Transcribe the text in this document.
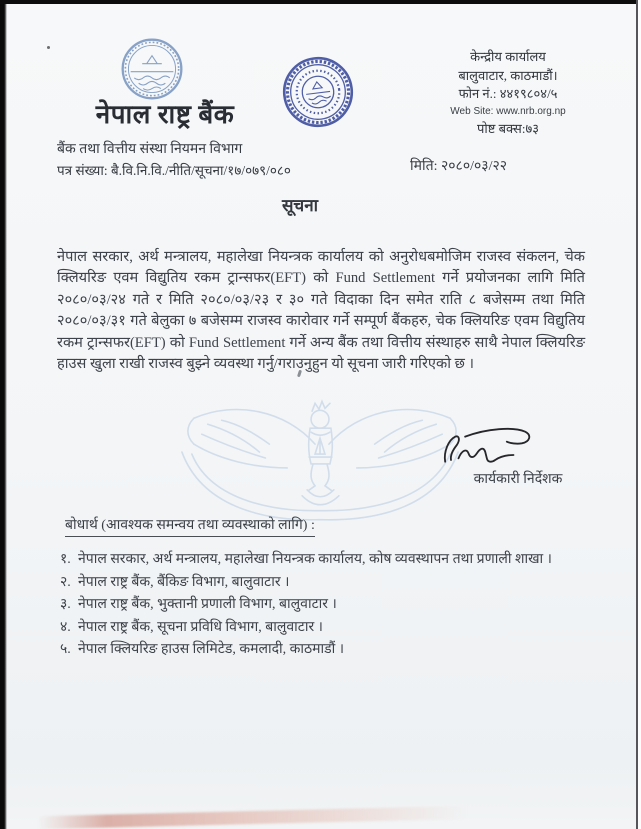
नेपाल राष्ट्र बैंक
बैंक तथा वित्तीय संस्था नियमन विभाग
पत्र संख्या: बै.वि.नि.वि./नीति/सूचना/१७/०७९/०८०
केन्द्रीय कार्यालय
बालुवाटार, काठमाडौं।
फोन नं.: ४४१९८०४/५
Web Site: www.nrb.org.np
पोष्ट बक्स:७३
मिति: २०८०/०३/२२
सूचना
नेपाल सरकार, अर्थ मन्त्रालय, महालेखा नियन्त्रक कार्यालय को अनुरोधबमोजिम राजस्व संकलन, चेक क्लियरिङ एवम विद्युतिय रकम ट्रान्सफर(EFT) को Fund Settlement गर्ने प्रयोजनका लागि मिति २०८०/०३/२४ गते र मिति २०८०/०३/२३ र ३० गते विदाका दिन समेत राति ८ बजेसम्म तथा मिति २०८०/०३/३१ गते बेलुका ७ बजेसम्म राजस्व कारोवार गर्ने सम्पूर्ण बैंकहरु, चेक क्लियरिङ एवम विद्युतिय रकम ट्रान्सफर(EFT) को Fund Settlement गर्ने अन्य बैंक तथा वित्तीय संस्थाहरु साथै नेपाल क्लियरिङ हाउस खुला राखी राजस्व बुझ्ने व्यवस्था गर्नु/गराउनुहुन यो सूचना जारी गरिएको छ ।
कार्यकारी निर्देशक
बोधार्थ (आवश्यक समन्वय तथा व्यवस्थाको लागि) :
१. नेपाल सरकार, अर्थ मन्त्रालय, महालेखा नियन्त्रक कार्यालय, कोष व्यवस्थापन तथा प्रणाली शाखा ।
२. नेपाल राष्ट्र बैंक, बैंकिङ विभाग, बालुवाटार ।
३. नेपाल राष्ट्र बैंक, भुक्तानी प्रणाली विभाग, बालुवाटार ।
४. नेपाल राष्ट्र बैंक, सूचना प्रविधि विभाग, बालुवाटार ।
५. नेपाल क्लियरिङ हाउस लिमिटेड, कमलादी, काठमाडौं ।
